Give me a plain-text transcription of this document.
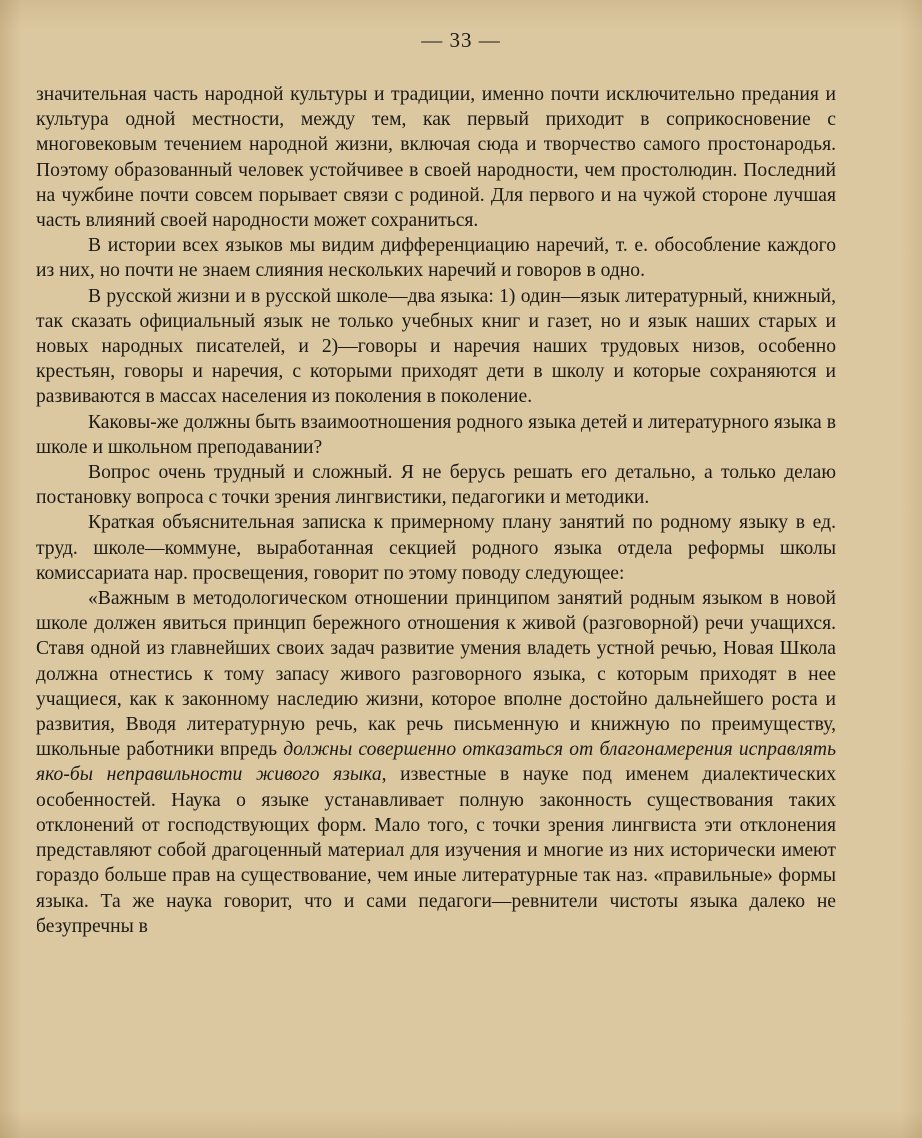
— 33 —

значительная часть народной культуры и традиции, именно почти исключительно предания и культура одной местности, между тем, как первый приходит в соприкосновение с многовековым течением народной жизни, включая сюда и творчество самого простонародья. Поэтому образованный человек устойчивее в своей народности, чем простолюдин. Последний на чужбине почти совсем порывает связи с родиной. Для первого и на чужой стороне лучшая часть влияний своей народности может сохраниться.

В истории всех языков мы видим дифференциацию наречий, т. е. обособление каждого из них, но почти не знаем слияния нескольких наречий и говоров в одно.

В русской жизни и в русской школе—два языка: 1) один—язык литературный, книжный, так сказать официальный язык не только учебных книг и газет, но и язык наших старых и новых народных писателей, и 2)—говоры и наречия наших трудовых низов, особенно крестьян, говоры и наречия, с которыми приходят дети в школу и которые сохраняются и развиваются в массах населения из поколения в поколение.

Каковы-же должны быть взаимоотношения родного языка детей и литературного языка в школе и школьном преподавании?

Вопрос очень трудный и сложный. Я не берусь решать его детально, а только делаю постановку вопроса с точки зрения лингвистики, педагогики и методики.

Краткая объяснительная записка к примерному плану занятий по родному языку в ед. труд. школе—коммуне, выработанная секцией родного языка отдела реформы школы комиссариата нар. просвещения, говорит по этому поводу следующее:

«Важным в методологическом отношении принципом занятий родным языком в новой школе должен явиться принцип бережного отношения к живой (разговорной) речи учащихся. Ставя одной из главнейших своих задач развитие умения владеть устной речью, Новая Школа должна отнестись к тому запасу живого разговорного языка, с которым приходят в нее учащиеся, как к законному наследию жизни, которое вполне достойно дальнейшего роста и развития, Вводя литературную речь, как речь письменную и книжную по преимуществу, школьные работники впредь должны совершенно отказаться от благонамерения исправлять яко-бы неправильности живого языка, известные в науке под именем диалектических особенностей. Наука о языке устанавливает полную законность существования таких отклонений от господствующих форм. Мало того, с точки зрения лингвиста эти отклонения представляют собой драгоценный материал для изучения и многие из них исторически имеют гораздо больше прав на существование, чем иные литературные так наз. «правильные» формы языка. Та же наука говорит, что и сами педагоги—ревнители чистоты языка далеко не безупречны в
